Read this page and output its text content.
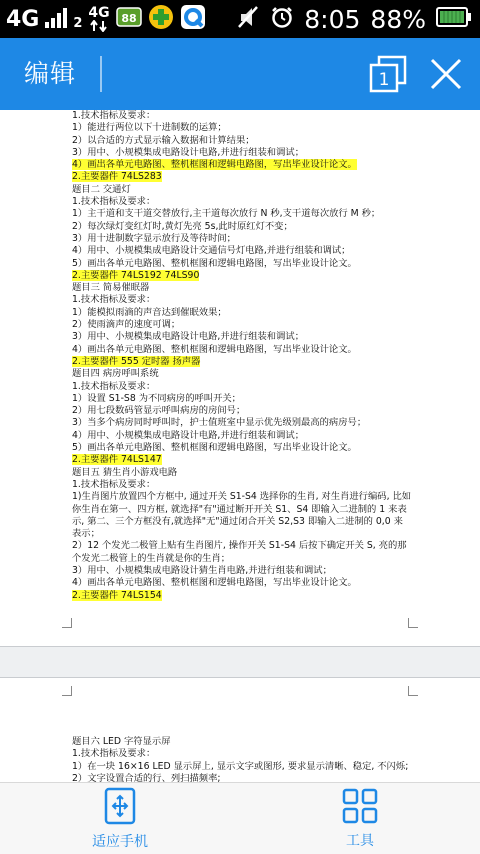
4G	2
4G 88	8:05 88%
编辑	1
1.技术指标及要求：
1）能进行两位以下十进制数的运算；
2）以合适的方式显示输入数据和计算结果；
3）用中、小规模集成电路设计电路,并进行组装和调试；
4）画出各单元电路图、整机框图和逻辑电路图，写出毕业设计论文。
2.主要器件 74LS283
题目二 交通灯
1.技术指标及要求：
1）主干道和支干道交替放行,主干道每次放行 N 秒,支干道每次放行 M 秒；
2）每次绿灯变红灯时,黄灯先亮 5s,此时原红灯不变；
3）用十进制数字显示放行及等待时间；
4）用中、小规模集成电路设计交通信号灯电路,并进行组装和调试；
5）画出各单元电路图、整机框图和逻辑电路图，写出毕业设计论文。
2.主要器件 74LS192 74LS90
题目三 简易催眠器
1.技术指标及要求：
1）能模拟雨滴的声音达到催眠效果；
2）使雨滴声的速度可调；
3）用中、小规模集成电路设计电路,并进行组装和调试；
4）画出各单元电路图、整机框图和逻辑电路图，写出毕业设计论文。
2.主要器件 555 定时器 扬声器
题目四 病房呼叫系统
1.技术指标及要求：
1）设置 S1-S8 为不同病房的呼叫开关；
2）用七段数码管显示呼叫病房的房间号；
3）当多个病房同时呼叫时，护士值班室中显示优先级别最高的病房号；
4）用中、小规模集成电路设计电路,并进行组装和调试；
5）画出各单元电路图、整机框图和逻辑电路图，写出毕业设计论文。
2.主要器件 74LS147
题目五 猜生肖小游戏电路
1.技术指标及要求：
1)生肖图片放置四个方框中, 通过开关 S1-S4 选择你的生肖, 对生肖进行编码, 比如你生肖在第一、四方框, 就选择"有"通过断开开关 S1、S4 即输入二进制的 1 来表示, 第二、三个方框没有,就选择"无"通过闭合开关 S2,S3 即输入二进制的 0,0 来表示；
2）12 个发光二极管上贴有生肖图片, 操作开关 S1-S4 后按下确定开关 S, 亮的那个发光二极管上的生肖就是你的生肖；
3）用中、小规模集成电路设计猜生肖电路,并进行组装和调试；
4）画出各单元电路图、整机框图和逻辑电路图，写出毕业设计论文。
2.主要器件 74LS154
题目六 LED 字符显示屏
1.技术指标及要求：
1）在一块 16×16 LED 显示屏上, 显示文字或图形, 要求显示清晰、稳定, 不闪烁;
2）文字设置合适的行、列扫描频率;
适应手机	工具
